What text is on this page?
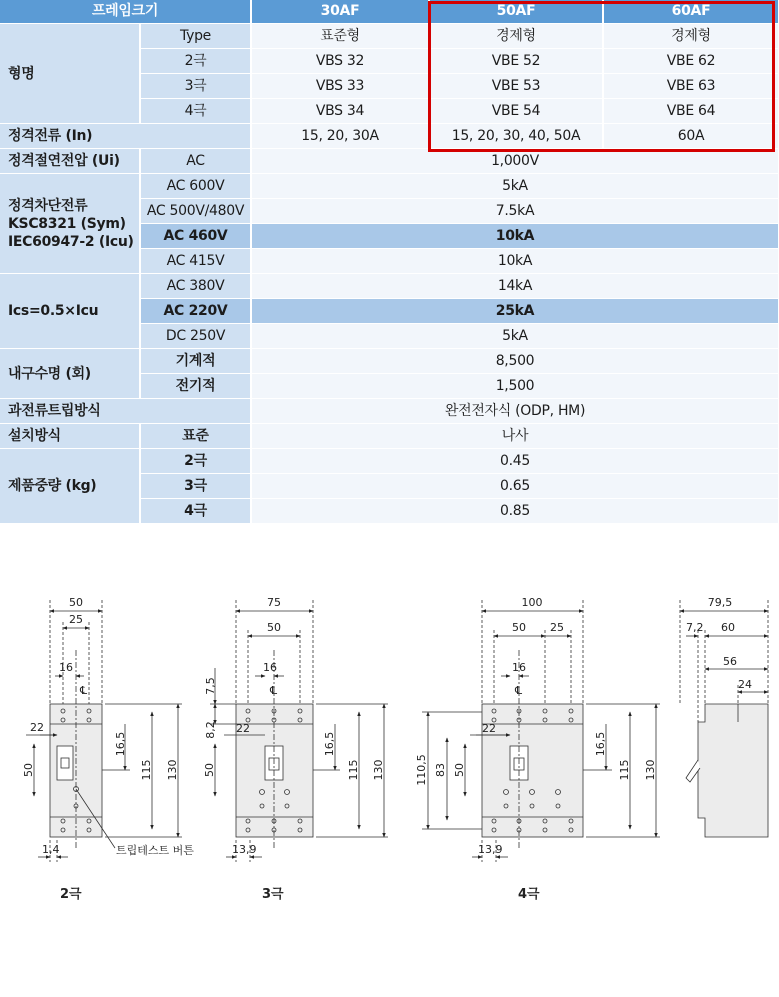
프레임크기		30AF	50AF	60AF
형명	Type	표준형	경제형	경제형
	2극	VBS 32	VBE 52	VBE 62
	3극	VBS 33	VBE 53	VBE 63
	4극	VBS 34	VBE 54	VBE 64
정격전류 (In)		15, 20, 30A	15, 20, 30, 40, 50A	60A
정격절연전압 (Ui)	AC	1,000V		

정격차단전류
KSC8321 (Sym)
IEC60947-2 (Icu)	AC 600V	5kA		
	AC 500V/480V	7.5kA		
	AC 460V	10kA		
	AC 415V	10kA		
Ics=0.5×Icu	AC 380V	14kA		
	AC 220V	25kA		
	DC 250V	5kA		
내구수명 (회)	기계적	8,500		
	전기적	1,500		
과전류트립방식		완전전자식 (ODP, HM)		
설치방식	표준	나사		
제품중량 (kg)	2극	0.45		
	3극	0.65		
	4극	0.85		
50
25
16
℄
22
50
16,5
115 130
1,4	트립테스트 버튼
2극
75
50
16
℄
7,5
8,2 22
50
16,5
115 130
13,9
3극
100
50 25
16
℄
22
110,5 83 50
16,5
115 130
13,9
4극
79,5
7,2 60
56
24
